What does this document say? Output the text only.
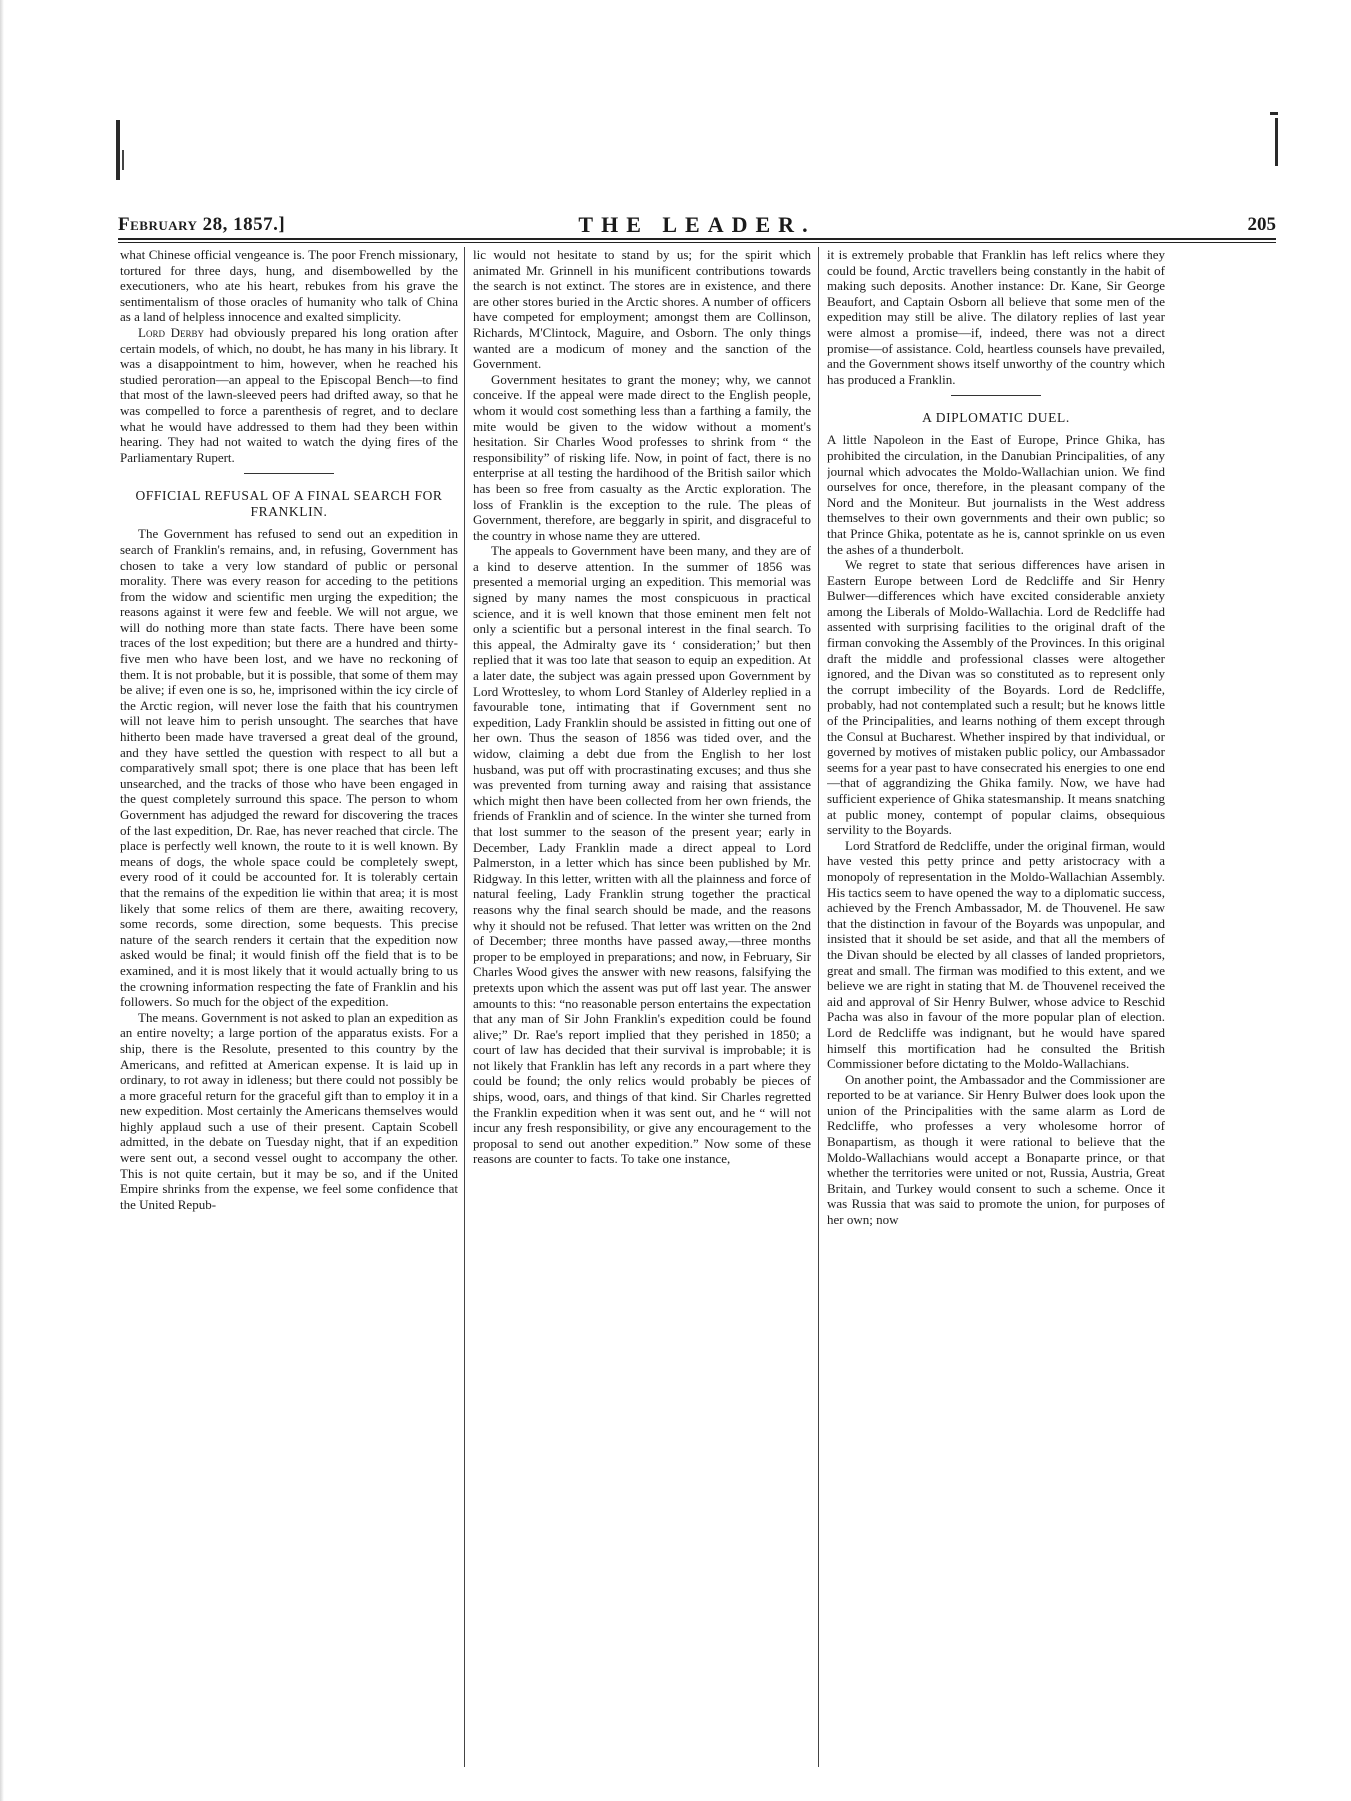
February 28, 1857.]	THE LEADER.	205

what Chinese official vengeance is. The poor French missionary, tortured for three days, hung, and disembowelled by the executioners, who ate his heart, rebukes from his grave the sentimentalism of those oracles of humanity who talk of China as a land of helpless innocence and exalted simplicity.

Lord Derby had obviously prepared his long oration after certain models, of which, no doubt, he has many in his library. It was a disappointment to him, however, when he reached his studied peroration—an appeal to the Episcopal Bench—to find that most of the lawn-sleeved peers had drifted away, so that he was compelled to force a parenthesis of regret, and to declare what he would have addressed to them had they been within hearing. They had not waited to watch the dying fires of the Parliamentary Rupert.

OFFICIAL REFUSAL OF A FINAL SEARCH FOR FRANKLIN.

The Government has refused to send out an expedition in search of Franklin's remains, and, in refusing, Government has chosen to take a very low standard of public or personal morality. There was every reason for acceding to the petitions from the widow and scientific men urging the expedition; the reasons against it were few and feeble. We will not argue, we will do nothing more than state facts. There have been some traces of the lost expedition; but there are a hundred and thirty-five men who have been lost, and we have no reckoning of them. It is not probable, but it is possible, that some of them may be alive; if even one is so, he, imprisoned within the icy circle of the Arctic region, will never lose the faith that his countrymen will not leave him to perish unsought. The searches that have hitherto been made have traversed a great deal of the ground, and they have settled the question with respect to all but a comparatively small spot; there is one place that has been left unsearched, and the tracks of those who have been engaged in the quest completely surround this space. The person to whom Government has adjudged the reward for discovering the traces of the last expedition, Dr. Rae, has never reached that circle. The place is perfectly well known, the route to it is well known. By means of dogs, the whole space could be completely swept, every rood of it could be accounted for. It is tolerably certain that the remains of the expedition lie within that area; it is most likely that some relics of them are there, awaiting recovery, some records, some direction, some bequests. This precise nature of the search renders it certain that the expedition now asked would be final; it would finish off the field that is to be examined, and it is most likely that it would actually bring to us the crowning information respecting the fate of Franklin and his followers. So much for the object of the expedition.

The means. Government is not asked to plan an expedition as an entire novelty; a large portion of the apparatus exists. For a ship, there is the Resolute, presented to this country by the Americans, and refitted at American expense. It is laid up in ordinary, to rot away in idleness; but there could not possibly be a more graceful return for the graceful gift than to employ it in a new expedition. Most certainly the Americans themselves would highly applaud such a use of their present. Captain Scobell admitted, in the debate on Tuesday night, that if an expedition were sent out, a second vessel ought to accompany the other. This is not quite certain, but it may be so, and if the United Empire shrinks from the expense, we feel some confidence that the United Repub-

lic would not hesitate to stand by us; for the spirit which animated Mr. Grinnell in his munificent contributions towards the search is not extinct. The stores are in existence, and there are other stores buried in the Arctic shores. A number of officers have competed for employment; amongst them are Collinson, Richards, M'Clintock, Maguire, and Osborn. The only things wanted are a modicum of money and the sanction of the Government.

Government hesitates to grant the money; why, we cannot conceive. If the appeal were made direct to the English people, whom it would cost something less than a farthing a family, the mite would be given to the widow without a moment's hesitation. Sir Charles Wood professes to shrink from “ the responsibility” of risking life. Now, in point of fact, there is no enterprise at all testing the hardihood of the British sailor which has been so free from casualty as the Arctic exploration. The loss of Franklin is the exception to the rule. The pleas of Government, therefore, are beggarly in spirit, and disgraceful to the country in whose name they are uttered.

The appeals to Government have been many, and they are of a kind to deserve attention. In the summer of 1856 was presented a memorial urging an expedition. This memorial was signed by many names the most conspicuous in practical science, and it is well known that those eminent men felt not only a scientific but a personal interest in the final search. To this appeal, the Admiralty gave its ‘ consideration;’ but then replied that it was too late that season to equip an expedition. At a later date, the subject was again pressed upon Government by Lord Wrottesley, to whom Lord Stanley of Alderley replied in a favourable tone, intimating that if Government sent no expedition, Lady Franklin should be assisted in fitting out one of her own. Thus the season of 1856 was tided over, and the widow, claiming a debt due from the English to her lost husband, was put off with procrastinating excuses; and thus she was prevented from turning away and raising that assistance which might then have been collected from her own friends, the friends of Franklin and of science. In the winter she turned from that lost summer to the season of the present year; early in December, Lady Franklin made a direct appeal to Lord Palmerston, in a letter which has since been published by Mr. Ridgway. In this letter, written with all the plainness and force of natural feeling, Lady Franklin strung together the practical reasons why the final search should be made, and the reasons why it should not be refused. That letter was written on the 2nd of December; three months have passed away,—three months proper to be employed in preparations; and now, in February, Sir Charles Wood gives the answer with new reasons, falsifying the pretexts upon which the assent was put off last year. The answer amounts to this: “no reasonable person entertains the expectation that any man of Sir John Franklin's expedition could be found alive;” Dr. Rae's report implied that they perished in 1850; a court of law has decided that their survival is improbable; it is not likely that Franklin has left any records in a part where they could be found; the only relics would probably be pieces of ships, wood, oars, and things of that kind. Sir Charles regretted the Franklin expedition when it was sent out, and he “ will not incur any fresh responsibility, or give any encouragement to the proposal to send out another expedition.” Now some of these reasons are counter to facts. To take one instance,

it is extremely probable that Franklin has left relics where they could be found, Arctic travellers being constantly in the habit of making such deposits. Another instance: Dr. Kane, Sir George Beaufort, and Captain Osborn all believe that some men of the expedition may still be alive. The dilatory replies of last year were almost a promise—if, indeed, there was not a direct promise—of assistance. Cold, heartless counsels have prevailed, and the Government shows itself unworthy of the country which has produced a Franklin.

A DIPLOMATIC DUEL.

A little Napoleon in the East of Europe, Prince Ghika, has prohibited the circulation, in the Danubian Principalities, of any journal which advocates the Moldo-Wallachian union. We find ourselves for once, therefore, in the pleasant company of the Nord and the Moniteur. But journalists in the West address themselves to their own governments and their own public; so that Prince Ghika, potentate as he is, cannot sprinkle on us even the ashes of a thunderbolt.

We regret to state that serious differences have arisen in Eastern Europe between Lord de Redcliffe and Sir Henry Bulwer—differences which have excited considerable anxiety among the Liberals of Moldo-Wallachia. Lord de Redcliffe had assented with surprising facilities to the original draft of the firman convoking the Assembly of the Provinces. In this original draft the middle and professional classes were altogether ignored, and the Divan was so constituted as to represent only the corrupt imbecility of the Boyards. Lord de Redcliffe, probably, had not contemplated such a result; but he knows little of the Principalities, and learns nothing of them except through the Consul at Bucharest. Whether inspired by that individual, or governed by motives of mistaken public policy, our Ambassador seems for a year past to have consecrated his energies to one end—that of aggrandizing the Ghika family. Now, we have had sufficient experience of Ghika statesmanship. It means snatching at public money, contempt of popular claims, obsequious servility to the Boyards.

Lord Stratford de Redcliffe, under the original firman, would have vested this petty prince and petty aristocracy with a monopoly of representation in the Moldo-Wallachian Assembly. His tactics seem to have opened the way to a diplomatic success, achieved by the French Ambassador, M. de Thouvenel. He saw that the distinction in favour of the Boyards was unpopular, and insisted that it should be set aside, and that all the members of the Divan should be elected by all classes of landed proprietors, great and small. The firman was modified to this extent, and we believe we are right in stating that M. de Thouvenel received the aid and approval of Sir Henry Bulwer, whose advice to Reschid Pacha was also in favour of the more popular plan of election. Lord de Redcliffe was indignant, but he would have spared himself this mortification had he consulted the British Commissioner before dictating to the Moldo-Wallachians.

On another point, the Ambassador and the Commissioner are reported to be at variance. Sir Henry Bulwer does look upon the union of the Principalities with the same alarm as Lord de Redcliffe, who professes a very wholesome horror of Bonapartism, as though it were rational to believe that the Moldo-Wallachians would accept a Bonaparte prince, or that whether the territories were united or not, Russia, Austria, Great Britain, and Turkey would consent to such a scheme. Once it was Russia that was said to promote the union, for purposes of her own; now
